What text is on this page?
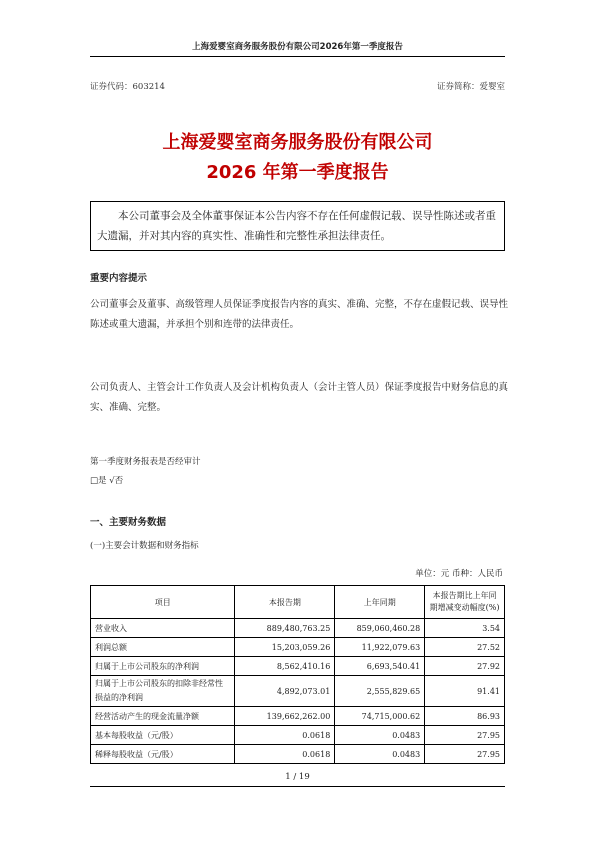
上海爱婴室商务服务股份有限公司2026年第一季度报告
证券代码：603214	证券简称：爱婴室
上海爱婴室商务服务股份有限公司
2026 年第一季度报告
本公司董事会及全体董事保证本公告内容不存在任何虚假记载、误导性陈述或者重大遗漏，并对其内容的真实性、准确性和完整性承担法律责任。
重要内容提示
公司董事会及董事、高级管理人员保证季度报告内容的真实、准确、完整，不存在虚假记载、误导性陈述或重大遗漏，并承担个别和连带的法律责任。
公司负责人、主管会计工作负责人及会计机构负责人（会计主管人员）保证季度报告中财务信息的真实、准确、完整。
第一季度财务报表是否经审计
□是 √否
一、主要财务数据
(一)主要会计数据和财务指标
单位：元 币种：人民币
项目	本报告期	上年同期	本报告期比上年同期增减变动幅度(%)
营业收入	889,480,763.25	859,060,460.28	3.54
利润总额	15,203,059.26	11,922,079.63	27.52
归属于上市公司股东的净利润	8,562,410.16	6,693,540.41	27.92
归属于上市公司股东的扣除非经常性损益的净利润	4,892,073.01	2,555,829.65	91.41
经营活动产生的现金流量净额	139,662,262.00	74,715,000.62	86.93
基本每股收益（元/股）	0.0618	0.0483	27.95
稀释每股收益（元/股）	0.0618	0.0483	27.95
1 / 19
